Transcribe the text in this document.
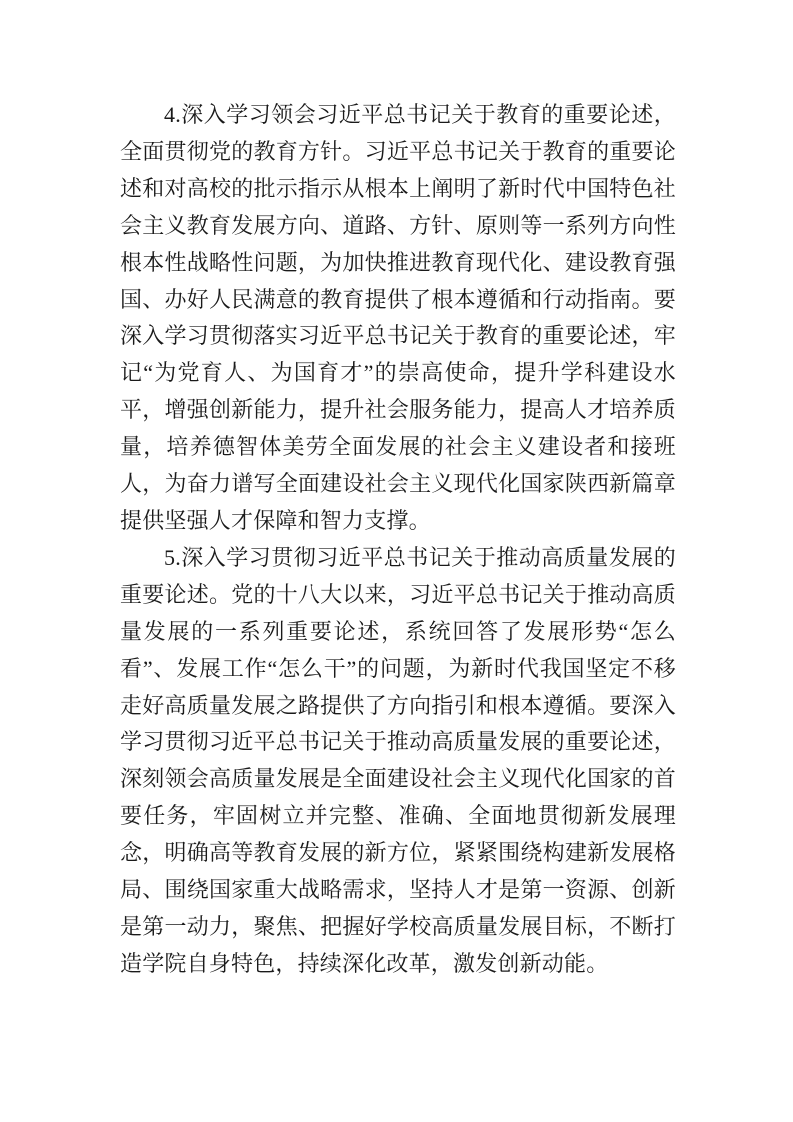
4.深入学习领会习近平总书记关于教育的重要论述，全面贯彻党的教育方针。习近平总书记关于教育的重要论述和对高校的批示指示从根本上阐明了新时代中国特色社会主义教育发展方向、道路、方针、原则等一系列方向性根本性战略性问题，为加快推进教育现代化、建设教育强国、办好人民满意的教育提供了根本遵循和行动指南。要深入学习贯彻落实习近平总书记关于教育的重要论述，牢记“为党育人、为国育才”的崇高使命，提升学科建设水平，增强创新能力，提升社会服务能力，提高人才培养质量，培养德智体美劳全面发展的社会主义建设者和接班人，为奋力谱写全面建设社会主义现代化国家陕西新篇章提供坚强人才保障和智力支撑。

5.深入学习贯彻习近平总书记关于推动高质量发展的重要论述。党的十八大以来，习近平总书记关于推动高质量发展的一系列重要论述，系统回答了发展形势“怎么看”、发展工作“怎么干”的问题，为新时代我国坚定不移走好高质量发展之路提供了方向指引和根本遵循。要深入学习贯彻习近平总书记关于推动高质量发展的重要论述，深刻领会高质量发展是全面建设社会主义现代化国家的首要任务，牢固树立并完整、准确、全面地贯彻新发展理念，明确高等教育发展的新方位，紧紧围绕构建新发展格局、围绕国家重大战略需求，坚持人才是第一资源、创新是第一动力，聚焦、把握好学校高质量发展目标，不断打造学院自身特色，持续深化改革，激发创新动能。
